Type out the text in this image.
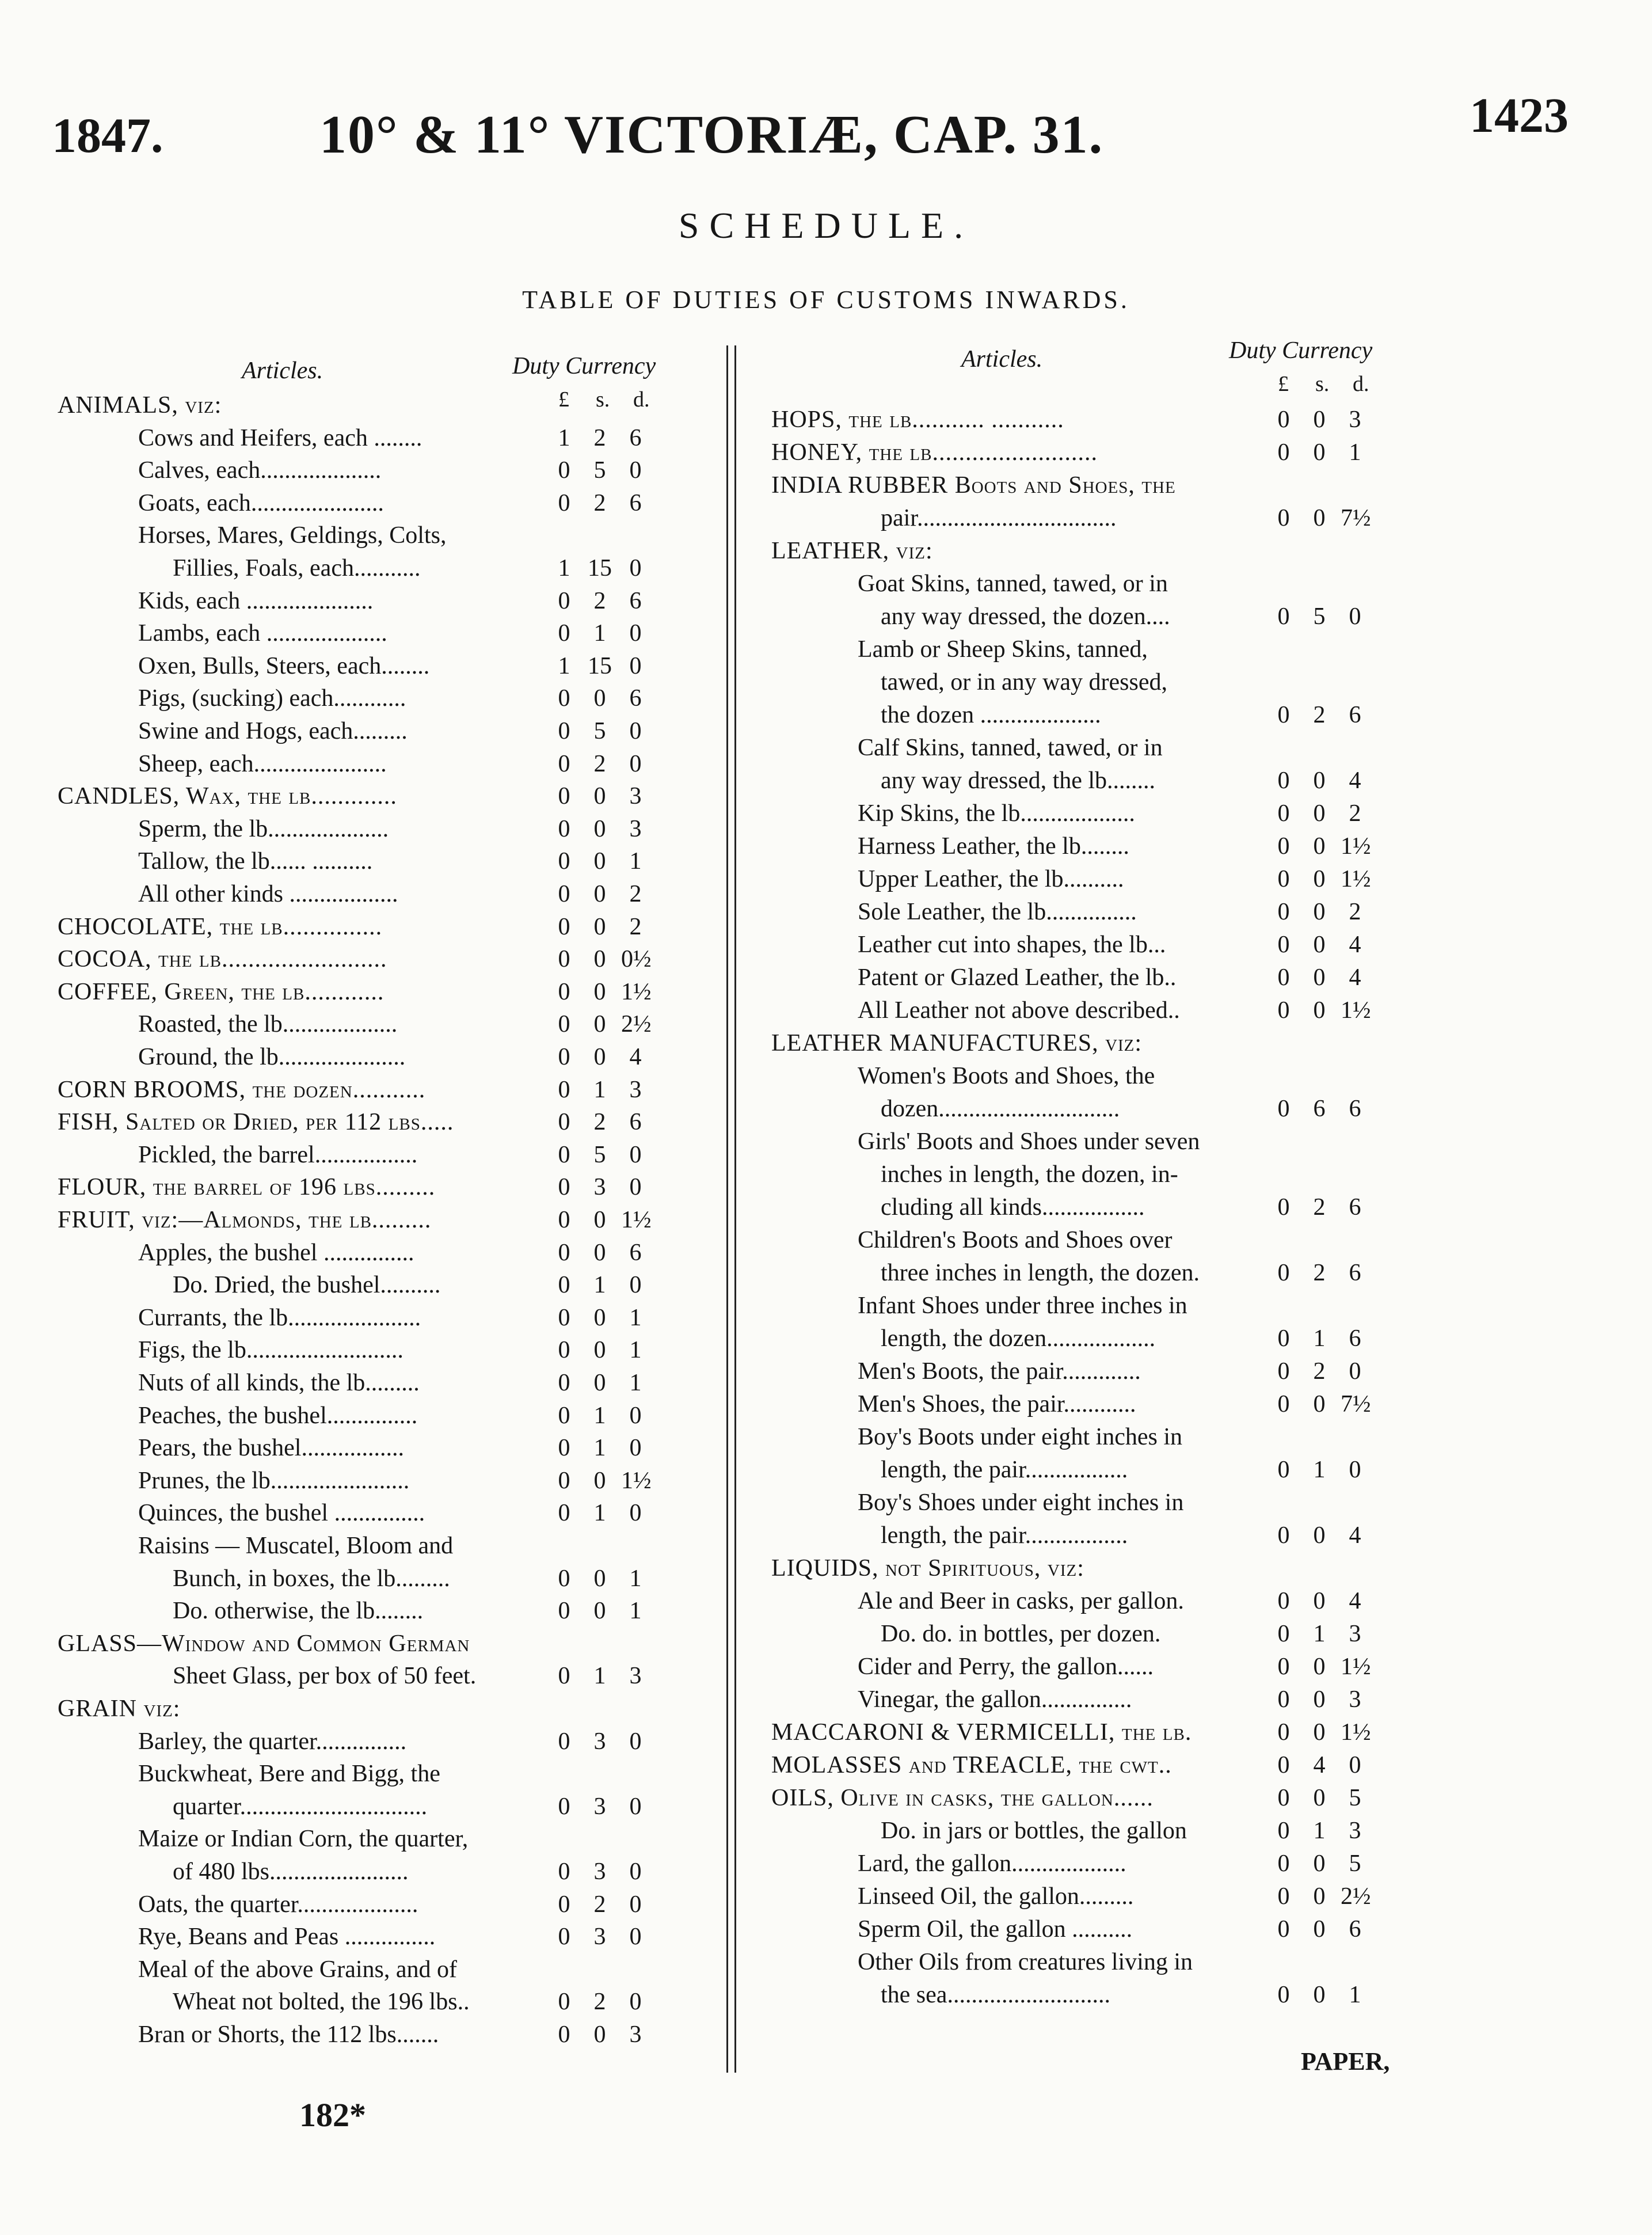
1847.	10° & 11° VICTORIÆ, CAP. 31.	1423
SCHEDULE.
TABLE OF DUTIES OF CUSTOMS INWARDS.
Articles.	Duty Currency
£ s. d.
ANIMALS, viz:
Cows and Heifers, each ........	1 2 6
Calves, each....................	0 5 0
Goats, each......................	0 2 6
Horses, Mares, Geldings, Colts,
Fillies, Foals, each...........	1 15 0
Kids, each .....................	0 2 6
Lambs, each ....................	0 1 0
Oxen, Bulls, Steers, each........	1 15 0
Pigs, (sucking) each............	0 0 6
Swine and Hogs, each.........	0 5 0
Sheep, each......................	0 2 0
CANDLES, Wax, the lb.............	0 0 3
Sperm, the lb....................	0 0 3
Tallow, the lb...... ..........	0 0 1
All other kinds ..................	0 0 2
CHOCOLATE, the lb...............	0 0 2
COCOA, the lb.........................	0 0 0½
COFFEE, Green, the lb............	0 0 1½
Roasted, the lb...................	0 0 2½
Ground, the lb.....................	0 0 4
CORN BROOMS, the dozen...........	0 1 3
FISH, Salted or Dried, per 112 lbs.....	0 2 6
Pickled, the barrel.................	0 5 0
FLOUR, the barrel of 196 lbs.........	0 3 0
FRUIT, viz:—Almonds, the lb.........	0 0 1½
Apples, the bushel ...............	0 0 6
Do. Dried, the bushel..........	0 1 0
Currants, the lb......................	0 0 1
Figs, the lb..........................	0 0 1
Nuts of all kinds, the lb.........	0 0 1
Peaches, the bushel...............	0 1 0
Pears, the bushel.................	0 1 0
Prunes, the lb.......................	0 0 1½
Quinces, the bushel ...............	0 1 0
Raisins — Muscatel, Bloom and
Bunch, in boxes, the lb.........	0 0 1
Do. otherwise, the lb........	0 0 1
GLASS—Window and Common German
Sheet Glass, per box of 50 feet.	0 1 3
GRAIN viz:
Barley, the quarter...............	0 3 0
Buckwheat, Bere and Bigg, the
quarter...............................	0 3 0
Maize or Indian Corn, the quarter,
of 480 lbs.......................	0 3 0
Oats, the quarter....................	0 2 0
Rye, Beans and Peas ...............	0 3 0
Meal of the above Grains, and of
Wheat not bolted, the 196 lbs..	0 2 0
Bran or Shorts, the 112 lbs.......	0 0 3
Articles.	Duty Currency
£ s. d.
HOPS, the lb........... ...........	0 0 3
HONEY, the lb.........................	0 0 1
INDIA RUBBER Boots and Shoes, the
pair.................................	0 0 7½
LEATHER, viz:
Goat Skins, tanned, tawed, or in
any way dressed, the dozen....	0 5 0
Lamb or Sheep Skins, tanned,
tawed, or in any way dressed,
the dozen ....................	0 2 6
Calf Skins, tanned, tawed, or in
any way dressed, the lb........	0 0 4
Kip Skins, the lb...................	0 0 2
Harness Leather, the lb........	0 0 1½
Upper Leather, the lb..........	0 0 1½
Sole Leather, the lb...............	0 0 2
Leather cut into shapes, the lb...	0 0 4
Patent or Glazed Leather, the lb..	0 0 4
All Leather not above described..	0 0 1½
LEATHER MANUFACTURES, viz:
Women's Boots and Shoes, the
dozen..............................	0 6 6
Girls' Boots and Shoes under seven
inches in length, the dozen, in-
cluding all kinds.................	0 2 6
Children's Boots and Shoes over
three inches in length, the dozen.	0 2 6
Infant Shoes under three inches in
length, the dozen..................	0 1 6
Men's Boots, the pair.............	0 2 0
Men's Shoes, the pair............	0 0 7½
Boy's Boots under eight inches in
length, the pair.................	0 1 0
Boy's Shoes under eight inches in
length, the pair.................	0 0 4
LIQUIDS, not Spirituous, viz:
Ale and Beer in casks, per gallon.	0 0 4
Do. do. in bottles, per dozen.	0 1 3
Cider and Perry, the gallon......	0 0 1½
Vinegar, the gallon...............	0 0 3
MACCARONI & VERMICELLI, the lb.	0 0 1½
MOLASSES and TREACLE, the cwt..	0 4 0
OILS, Olive in casks, the gallon......	0 0 5
Do. in jars or bottles, the gallon	0 1 3
Lard, the gallon...................	0 0 5
Linseed Oil, the gallon.........	0 0 2½
Sperm Oil, the gallon ..........	0 0 6
Other Oils from creatures living in
the sea...........................	0 0 1
PAPER,
182*
